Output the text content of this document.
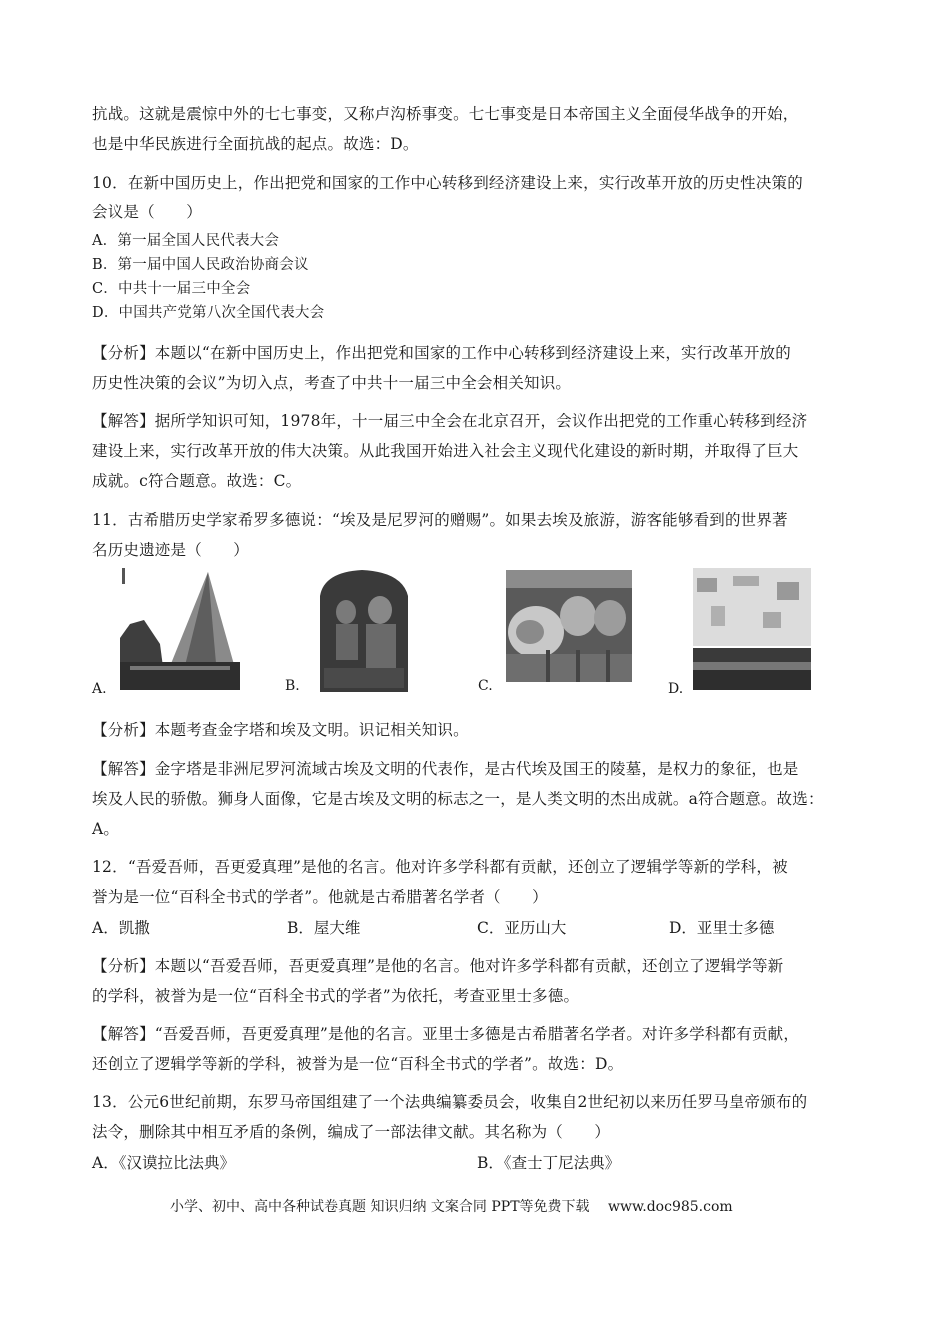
抗战。这就是震惊中外的七七事变，又称卢沟桥事变。七七事变是日本帝国主义全面侵华战争的开始，
也是中华民族进行全面抗战的起点。故选：D。
10．在新中国历史上，作出把党和国家的工作中心转移到经济建设上来，实行改革开放的历史性决策的
会议是（　　）
A．第一届全国人民代表大会
B．第一届中国人民政治协商会议
C．中共十一届三中全会
D．中国共产党第八次全国代表大会
【分析】本题以“在新中国历史上，作出把党和国家的工作中心转移到经济建设上来，实行改革开放的
历史性决策的会议”为切入点，考查了中共十一届三中全会相关知识。
【解答】据所学知识可知，1978年，十一届三中全会在北京召开，会议作出把党的工作重心转移到经济
建设上来，实行改革开放的伟大决策。从此我国开始进入社会主义现代化建设的新时期，并取得了巨大
成就。c符合题意。故选：C。
11．古希腊历史学家希罗多德说：“埃及是尼罗河的赠赐”。如果去埃及旅游，游客能够看到的世界著
名历史遗迹是（　　）
A.	B.	C.	D.
【分析】本题考查金字塔和埃及文明。识记相关知识。
【解答】金字塔是非洲尼罗河流域古埃及文明的代表作，是古代埃及国王的陵墓，是权力的象征，也是
埃及人民的骄傲。狮身人面像，它是古埃及文明的标志之一，是人类文明的杰出成就。a符合题意。故选：
A。
12．“吾爱吾师，吾更爱真理”是他的名言。他对许多学科都有贡献，还创立了逻辑学等新的学科，被
誉为是一位“百科全书式的学者”。他就是古希腊著名学者（　　）
A．凯撒	B．屋大维	C．亚历山大	D．亚里士多德
【分析】本题以“吾爱吾师，吾更爱真理”是他的名言。他对许多学科都有贡献，还创立了逻辑学等新
的学科，被誉为是一位“百科全书式的学者”为依托，考查亚里士多德。
【解答】“吾爱吾师，吾更爱真理”是他的名言。亚里士多德是古希腊著名学者。对许多学科都有贡献，
还创立了逻辑学等新的学科，被誉为是一位“百科全书式的学者”。故选：D。
13．公元6世纪前期，东罗马帝国组建了一个法典编纂委员会，收集自2世纪初以来历任罗马皇帝颁布的
法令，删除其中相互矛盾的条例，编成了一部法律文献。其名称为（　　）
A．《汉谟拉比法典》	B．《查士丁尼法典》
小学、初中、高中各种试卷真题 知识归纳 文案合同 PPT等免费下载　 www.doc985.com
